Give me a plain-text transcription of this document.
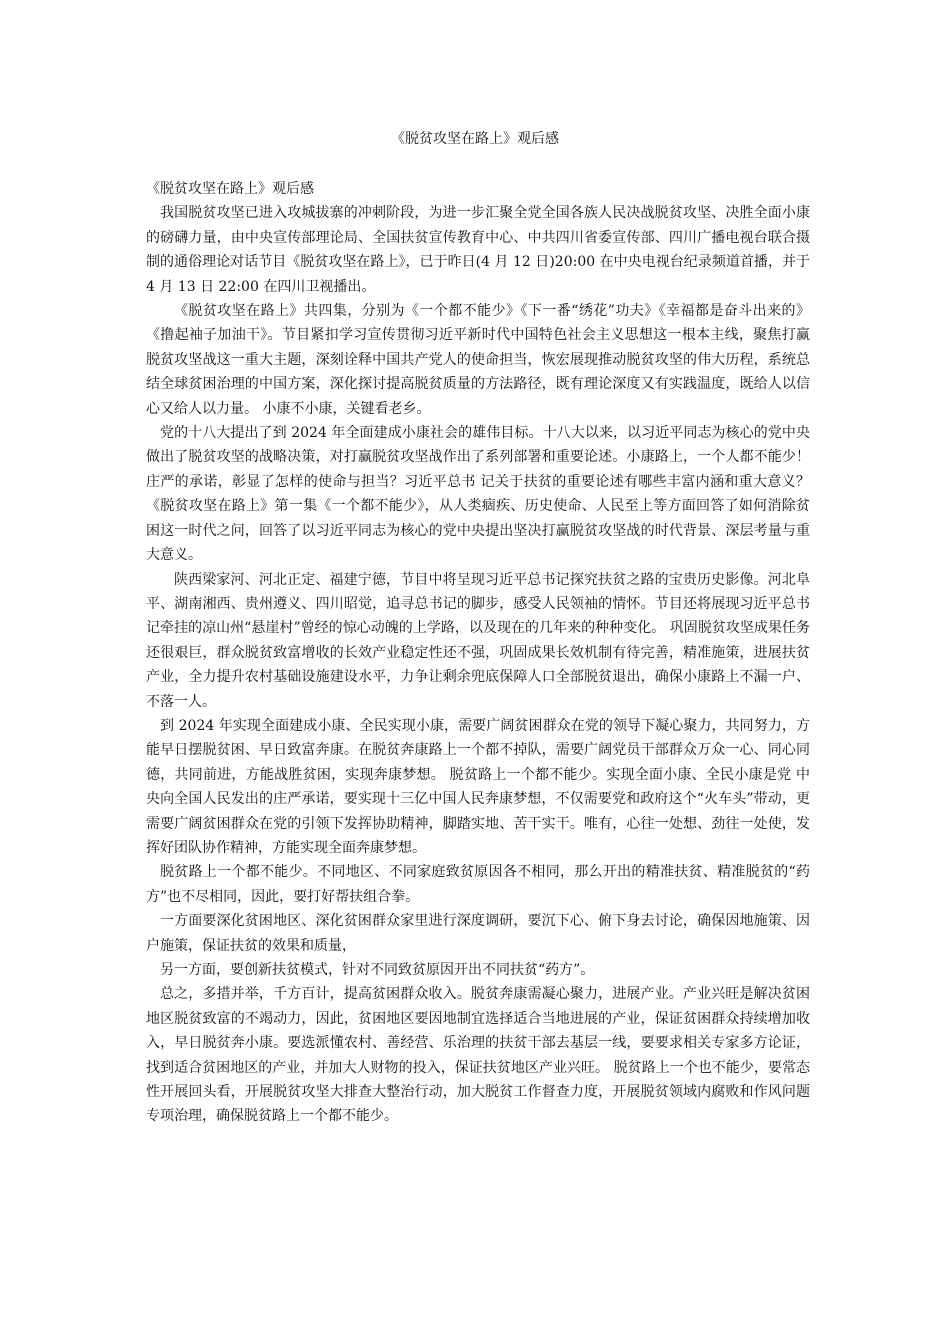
《脱贫攻坚在路上》观后感

《脱贫攻坚在路上》观后感

我国脱贫攻坚已进入攻城拔寨的冲刺阶段，为进一步汇聚全党全国各族人民决战脱贫攻坚、决胜全面小康的磅礴力量，由中央宣传部理论局、全国扶贫宣传教育中心、中共四川省委宣传部、四川广播电视台联合摄制的通俗理论对话节目《脱贫攻坚在路上》，已于昨日(4 月 12 日)20:00 在中央电视台纪录频道首播，并于 4 月 13 日 22:00 在四川卫视播出。

《脱贫攻坚在路上》共四集，分别为《一个都不能少》《下一番“绣花”功夫》《幸福都是奋斗出来的》《撸起袖子加油干》。节目紧扣学习宣传贯彻习近平新时代中国特色社会主义思想这一根本主线，聚焦打赢脱贫攻坚战这一重大主题，深刻诠释中国共产党人的使命担当，恢宏展现推动脱贫攻坚的伟大历程，系统总结全球贫困治理的中国方案，深化探讨提高脱贫质量的方法路径，既有理论深度又有实践温度，既给人以信心又给人以力量。 小康不小康，关键看老乡。

党的十八大提出了到 2024 年全面建成小康社会的雄伟目标。十八大以来，以习近平同志为核心的党中央做出了脱贫攻坚的战略决策，对打赢脱贫攻坚战作出了系列部署和重要论述。小康路上，一个人都不能少！庄严的承诺，彰显了怎样的使命与担当？习近平总书 记关于扶贫的重要论述有哪些丰富内涵和重大意义？ 《脱贫攻坚在路上》第一集《一个都不能少》，从人类痼疾、历史使命、人民至上等方面回答了如何消除贫困这一时代之问，回答了以习近平同志为核心的党中央提出坚决打赢脱贫攻坚战的时代背景、深层考量与重大意义。

陕西梁家河、河北正定、福建宁德，节目中将呈现习近平总书记探究扶贫之路的宝贵历史影像。河北阜平、湖南湘西、贵州遵义、四川昭觉，追寻总书记的脚步，感受人民领袖的情怀。节目还将展现习近平总书记牵挂的凉山州“悬崖村”曾经的惊心动魄的上学路，以及现在的几年来的种种变化。 巩固脱贫攻坚成果任务还很艰巨，群众脱贫致富增收的长效产业稳定性还不强，巩固成果长效机制有待完善，精准施策，进展扶贫产业，全力提升农村基础设施建设水平，力争让剩余兜底保障人口全部脱贫退出，确保小康路上不漏一户、不落一人。

到 2024 年实现全面建成小康、全民实现小康，需要广阔贫困群众在党的领导下凝心聚力，共同努力，方能早日摆脱贫困、早日致富奔康。在脱贫奔康路上一个都不掉队，需要广阔党员干部群众万众一心、同心同德，共同前进，方能战胜贫困，实现奔康梦想。 脱贫路上一个都不能少。实现全面小康、全民小康是党 中央向全国人民发出的庄严承诺，要实现十三亿中国人民奔康梦想，不仅需要党和政府这个“火车头”带动，更需要广阔贫困群众在党的引领下发挥协助精神，脚踏实地、苦干实干。唯有，心往一处想、劲往一处使，发挥好团队协作精神，方能实现全面奔康梦想。

脱贫路上一个都不能少。不同地区、不同家庭致贫原因各不相同，那么开出的精准扶贫、精准脱贫的“药方”也不尽相同，因此，要打好帮扶组合拳。

一方面要深化贫困地区、深化贫困群众家里进行深度调研，要沉下心、俯下身去讨论，确保因地施策、因户施策，保证扶贫的效果和质量，

另一方面，要创新扶贫模式，针对不同致贫原因开出不同扶贫“药方”。

总之，多措并举，千方百计，提高贫困群众收入。脱贫奔康需凝心聚力，进展产业。产业兴旺是解决贫困地区脱贫致富的不竭动力，因此，贫困地区要因地制宜选择适合当地进展的产业，保证贫困群众持续增加收入，早日脱贫奔小康。要选派懂农村、善经营、乐治理的扶贫干部去基层一线，要要求相关专家多方论证，找到适合贫困地区的产业，并加大人财物的投入，保证扶贫地区产业兴旺。 脱贫路上一个也不能少，要常态性开展回头看，开展脱贫攻坚大排查大整治行动，加大脱贫工作督查力度，开展脱贫领域内腐败和作风问题专项治理，确保脱贫路上一个都不能少。
